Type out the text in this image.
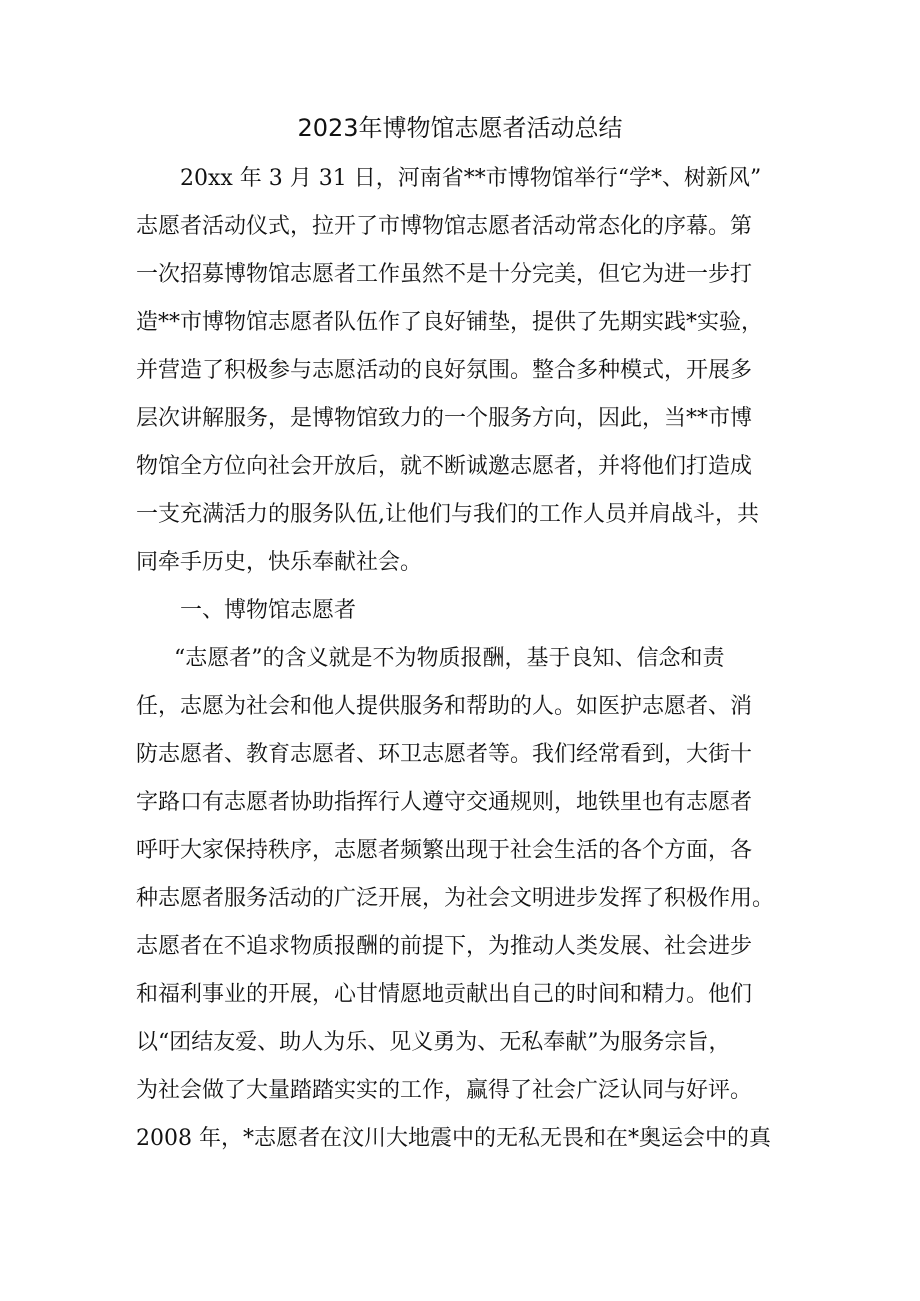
2023年博物馆志愿者活动总结
20xx 年 3 月 31 日，河南省**市博物馆举行“学*、树新风”
志愿者活动仪式，拉开了市博物馆志愿者活动常态化的序幕。第
一次招募博物馆志愿者工作虽然不是十分完美，但它为进一步打
造**市博物馆志愿者队伍作了良好铺垫，提供了先期实践*实验，
并营造了积极参与志愿活动的良好氛围。整合多种模式，开展多
层次讲解服务，是博物馆致力的一个服务方向，因此，当**市博
物馆全方位向社会开放后，就不断诚邀志愿者，并将他们打造成
一支充满活力的服务队伍,让他们与我们的工作人员并肩战斗，共
同牵手历史，快乐奉献社会。
一、博物馆志愿者
“志愿者”的含义就是不为物质报酬，基于良知、信念和责
任，志愿为社会和他人提供服务和帮助的人。如医护志愿者、消
防志愿者、教育志愿者、环卫志愿者等。我们经常看到，大街十
字路口有志愿者协助指挥行人遵守交通规则，地铁里也有志愿者
呼吁大家保持秩序，志愿者频繁出现于社会生活的各个方面，各
种志愿者服务活动的广泛开展，为社会文明进步发挥了积极作用。
志愿者在不追求物质报酬的前提下，为推动人类发展、社会进步
和福利事业的开展，心甘情愿地贡献出自己的时间和精力。他们
以“团结友爱、助人为乐、见义勇为、无私奉献”为服务宗旨，
为社会做了大量踏踏实实的工作，赢得了社会广泛认同与好评。
2008 年，*志愿者在汶川大地震中的无私无畏和在*奥运会中的真
